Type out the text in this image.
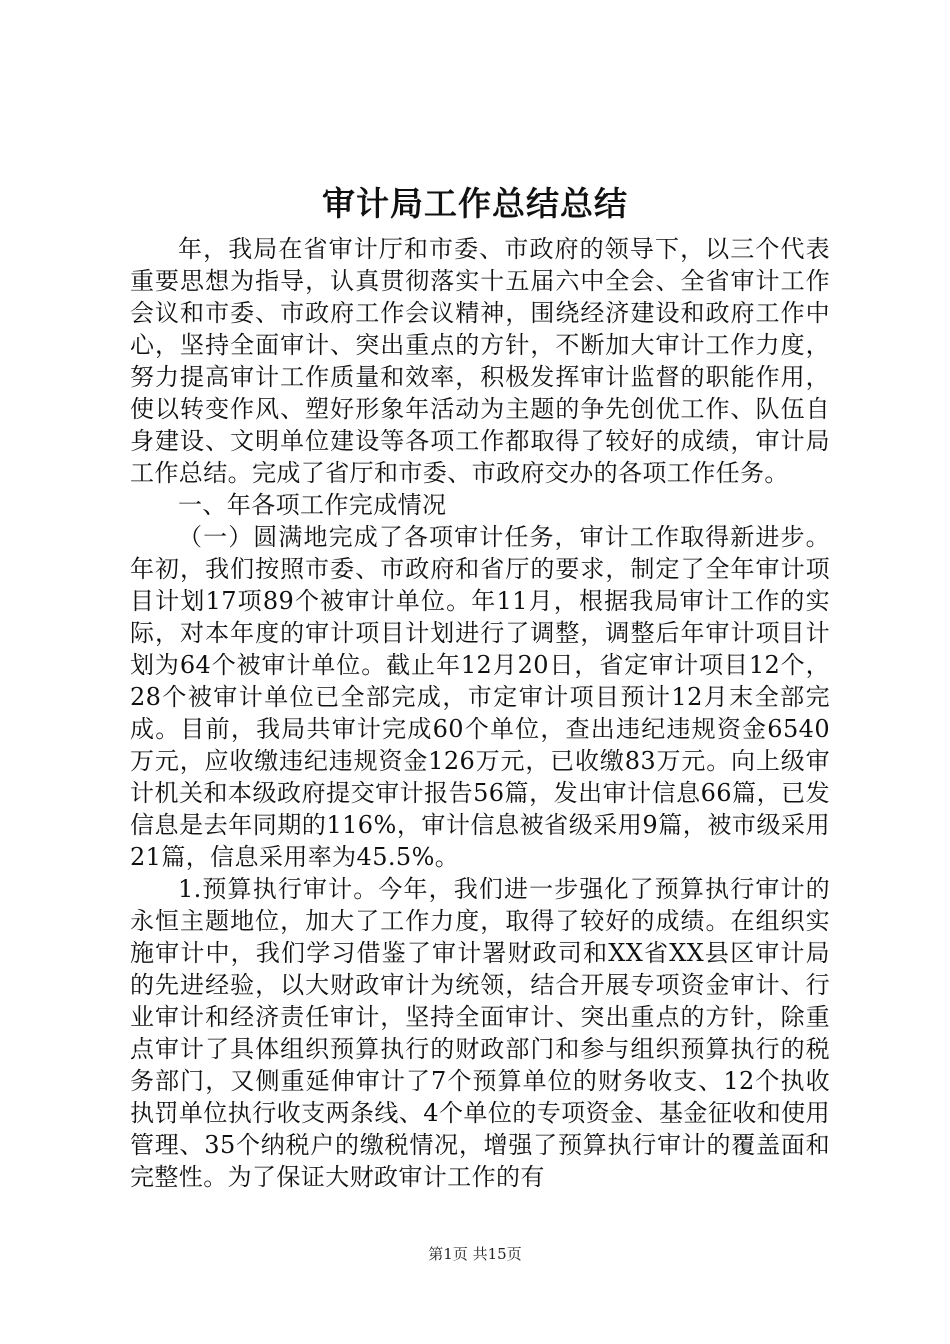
审计局工作总结总结

年，我局在省审计厅和市委、市政府的领导下，以三个代表重要思想为指导，认真贯彻落实十五届六中全会、全省审计工作会议和市委、市政府工作会议精神，围绕经济建设和政府工作中心，坚持全面审计、突出重点的方针，不断加大审计工作力度，努力提高审计工作质量和效率，积极发挥审计监督的职能作用，使以转变作风、塑好形象年活动为主题的争先创优工作、队伍自身建设、文明单位建设等各项工作都取得了较好的成绩，审计局工作总结。完成了省厅和市委、市政府交办的各项工作任务。

一、年各项工作完成情况

（一）圆满地完成了各项审计任务，审计工作取得新进步。年初，我们按照市委、市政府和省厅的要求，制定了全年审计项目计划17项89个被审计单位。年11月，根据我局审计工作的实际，对本年度的审计项目计划进行了调整，调整后年审计项目计划为64个被审计单位。截止年12月20日，省定审计项目12个，28个被审计单位已全部完成，市定审计项目预计12月末全部完成。目前，我局共审计完成60个单位，查出违纪违规资金6540万元，应收缴违纪违规资金126万元，已收缴83万元。向上级审计机关和本级政府提交审计报告56篇，发出审计信息66篇，已发信息是去年同期的116%，审计信息被省级采用9篇，被市级采用21篇，信息采用率为45.5%。

1.预算执行审计。今年，我们进一步强化了预算执行审计的永恒主题地位，加大了工作力度，取得了较好的成绩。在组织实施审计中，我们学习借鉴了审计署财政司和XX省XX县区审计局的先进经验，以大财政审计为统领，结合开展专项资金审计、行业审计和经济责任审计，坚持全面审计、突出重点的方针，除重点审计了具体组织预算执行的财政部门和参与组织预算执行的税务部门，又侧重延伸审计了7个预算单位的财务收支、12个执收执罚单位执行收支两条线、4个单位的专项资金、基金征收和使用管理、35个纳税户的缴税情况，增强了预算执行审计的覆盖面和完整性。为了保证大财政审计工作的有

第1页 共15页
